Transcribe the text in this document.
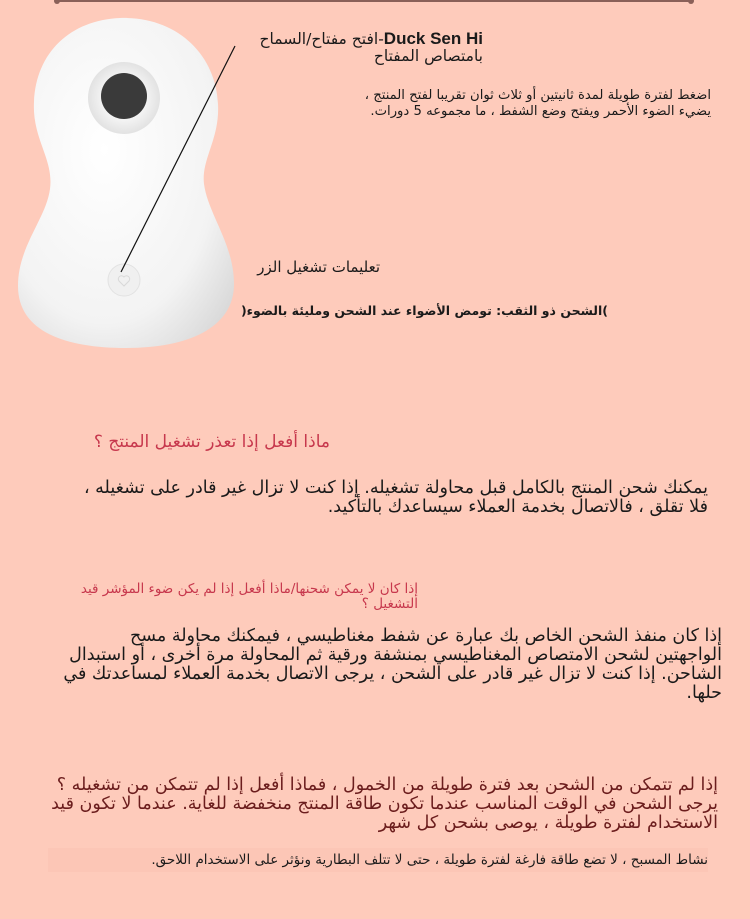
Duck Sen Hi-افتح مفتاح/السماح
بامتصاص المفتاح
اضغط لفترة طويلة لمدة ثانيتين أو ثلاث ثوان تقريبا لفتح المنتج ، يضيء الضوء الأحمر ويفتح وضع الشفط ، ما مجموعه 5 دورات.
تعليمات تشغيل الزر
)الشحن ذو الثقب: تومض الأضواء عند الشحن ومليئة بالضوء(
ماذا أفعل إذا تعذر تشغيل المنتج ؟
يمكنك شحن المنتج بالكامل قبل محاولة تشغيله. إذا كنت لا تزال غير قادر على تشغيله ، فلا تقلق ، فالاتصال بخدمة العملاء سيساعدك بالتأكيد.
إذا كان لا يمكن شحنها/ماذا أفعل إذا لم يكن ضوء المؤشر قيد التشغيل ؟
إذا كان منفذ الشحن الخاص بك عبارة عن شفط مغناطيسي ، فيمكنك محاولة مسح الواجهتين لشحن الامتصاص المغناطيسي بمنشفة ورقية ثم المحاولة مرة أخرى ، أو استبدال الشاحن. إذا كنت لا تزال غير قادر على الشحن ، يرجى الاتصال بخدمة العملاء لمساعدتك في حلها.
إذا لم تتمكن من الشحن بعد فترة طويلة من الخمول ، فماذا أفعل إذا لم تتمكن من تشغيله ؟ يرجى الشحن في الوقت المناسب عندما تكون طاقة المنتج منخفضة للغاية. عندما لا تكون قيد الاستخدام لفترة طويلة ، يوصى بشحن كل شهر
نشاط المسبح ، لا تضع طاقة فارغة لفترة طويلة ، حتى لا تتلف البطارية ونؤثر على الاستخدام اللاحق.
